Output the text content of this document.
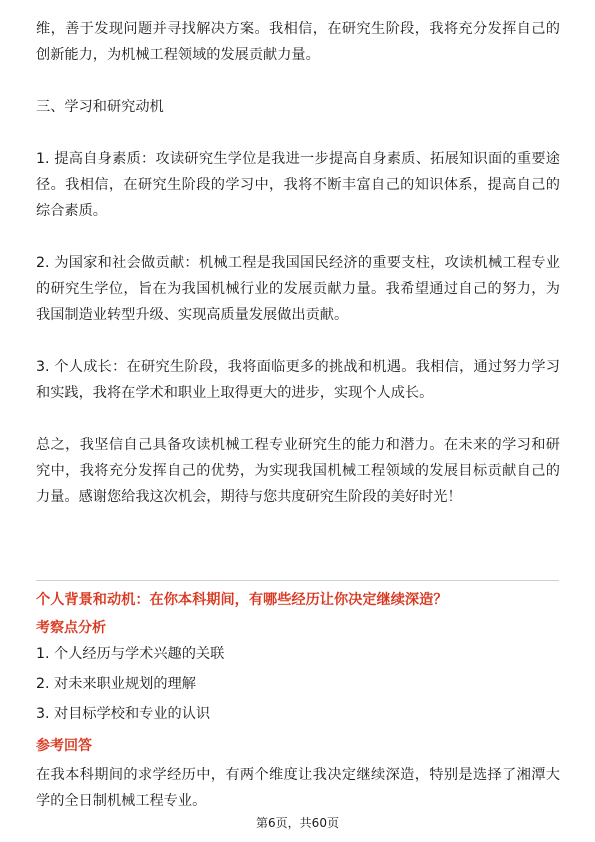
维，善于发现问题并寻找解决方案。我相信，在研究生阶段，我将充分发挥自己的创新能力，为机械工程领域的发展贡献力量。

三、学习和研究动机

1. 提高自身素质：攻读研究生学位是我进一步提高自身素质、拓展知识面的重要途径。我相信，在研究生阶段的学习中，我将不断丰富自己的知识体系，提高自己的综合素质。

2. 为国家和社会做贡献：机械工程是我国国民经济的重要支柱，攻读机械工程专业的研究生学位，旨在为我国机械行业的发展贡献力量。我希望通过自己的努力，为我国制造业转型升级、实现高质量发展做出贡献。

3. 个人成长：在研究生阶段，我将面临更多的挑战和机遇。我相信，通过努力学习和实践，我将在学术和职业上取得更大的进步，实现个人成长。

总之，我坚信自己具备攻读机械工程专业研究生的能力和潜力。在未来的学习和研究中，我将充分发挥自己的优势，为实现我国机械工程领域的发展目标贡献自己的力量。感谢您给我这次机会，期待与您共度研究生阶段的美好时光！

个人背景和动机：在你本科期间，有哪些经历让你决定继续深造？

考察点分析

1. 个人经历与学术兴趣的关联

2. 对未来职业规划的理解

3. 对目标学校和专业的认识

参考回答

在我本科期间的求学经历中，有两个维度让我决定继续深造，特别是选择了湘潭大学的全日制机械工程专业。

第6页，共60页
